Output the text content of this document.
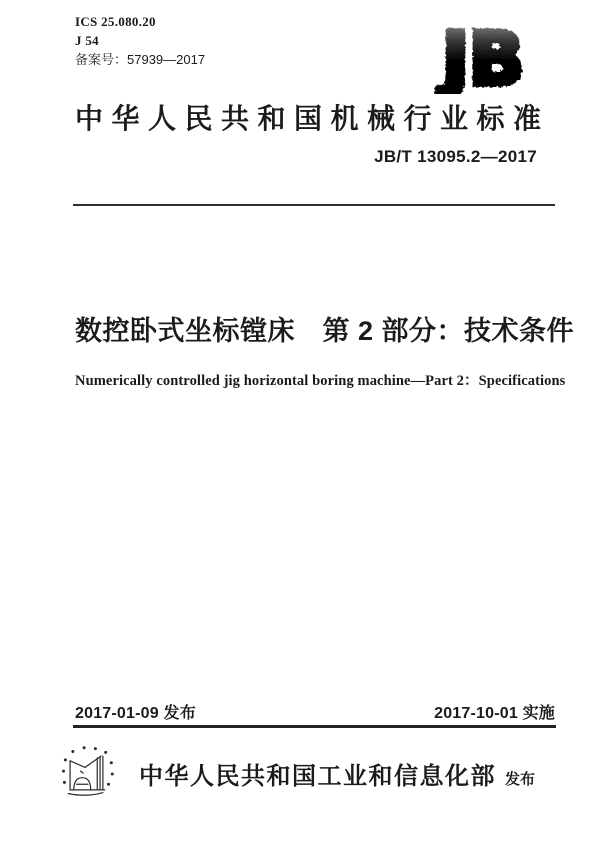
ICS 25.080.20
J 54
备案号：57939—2017	JB
中华人民共和国机械行业标准
JB/T 13095.2—2017
数控卧式坐标镗床　第 2 部分：技术条件
Numerically controlled jig horizontal boring machine—Part 2：Specifications
2017-01-09 发布	2017-10-01 实施
中华人民共和国工业和信息化部 发布
